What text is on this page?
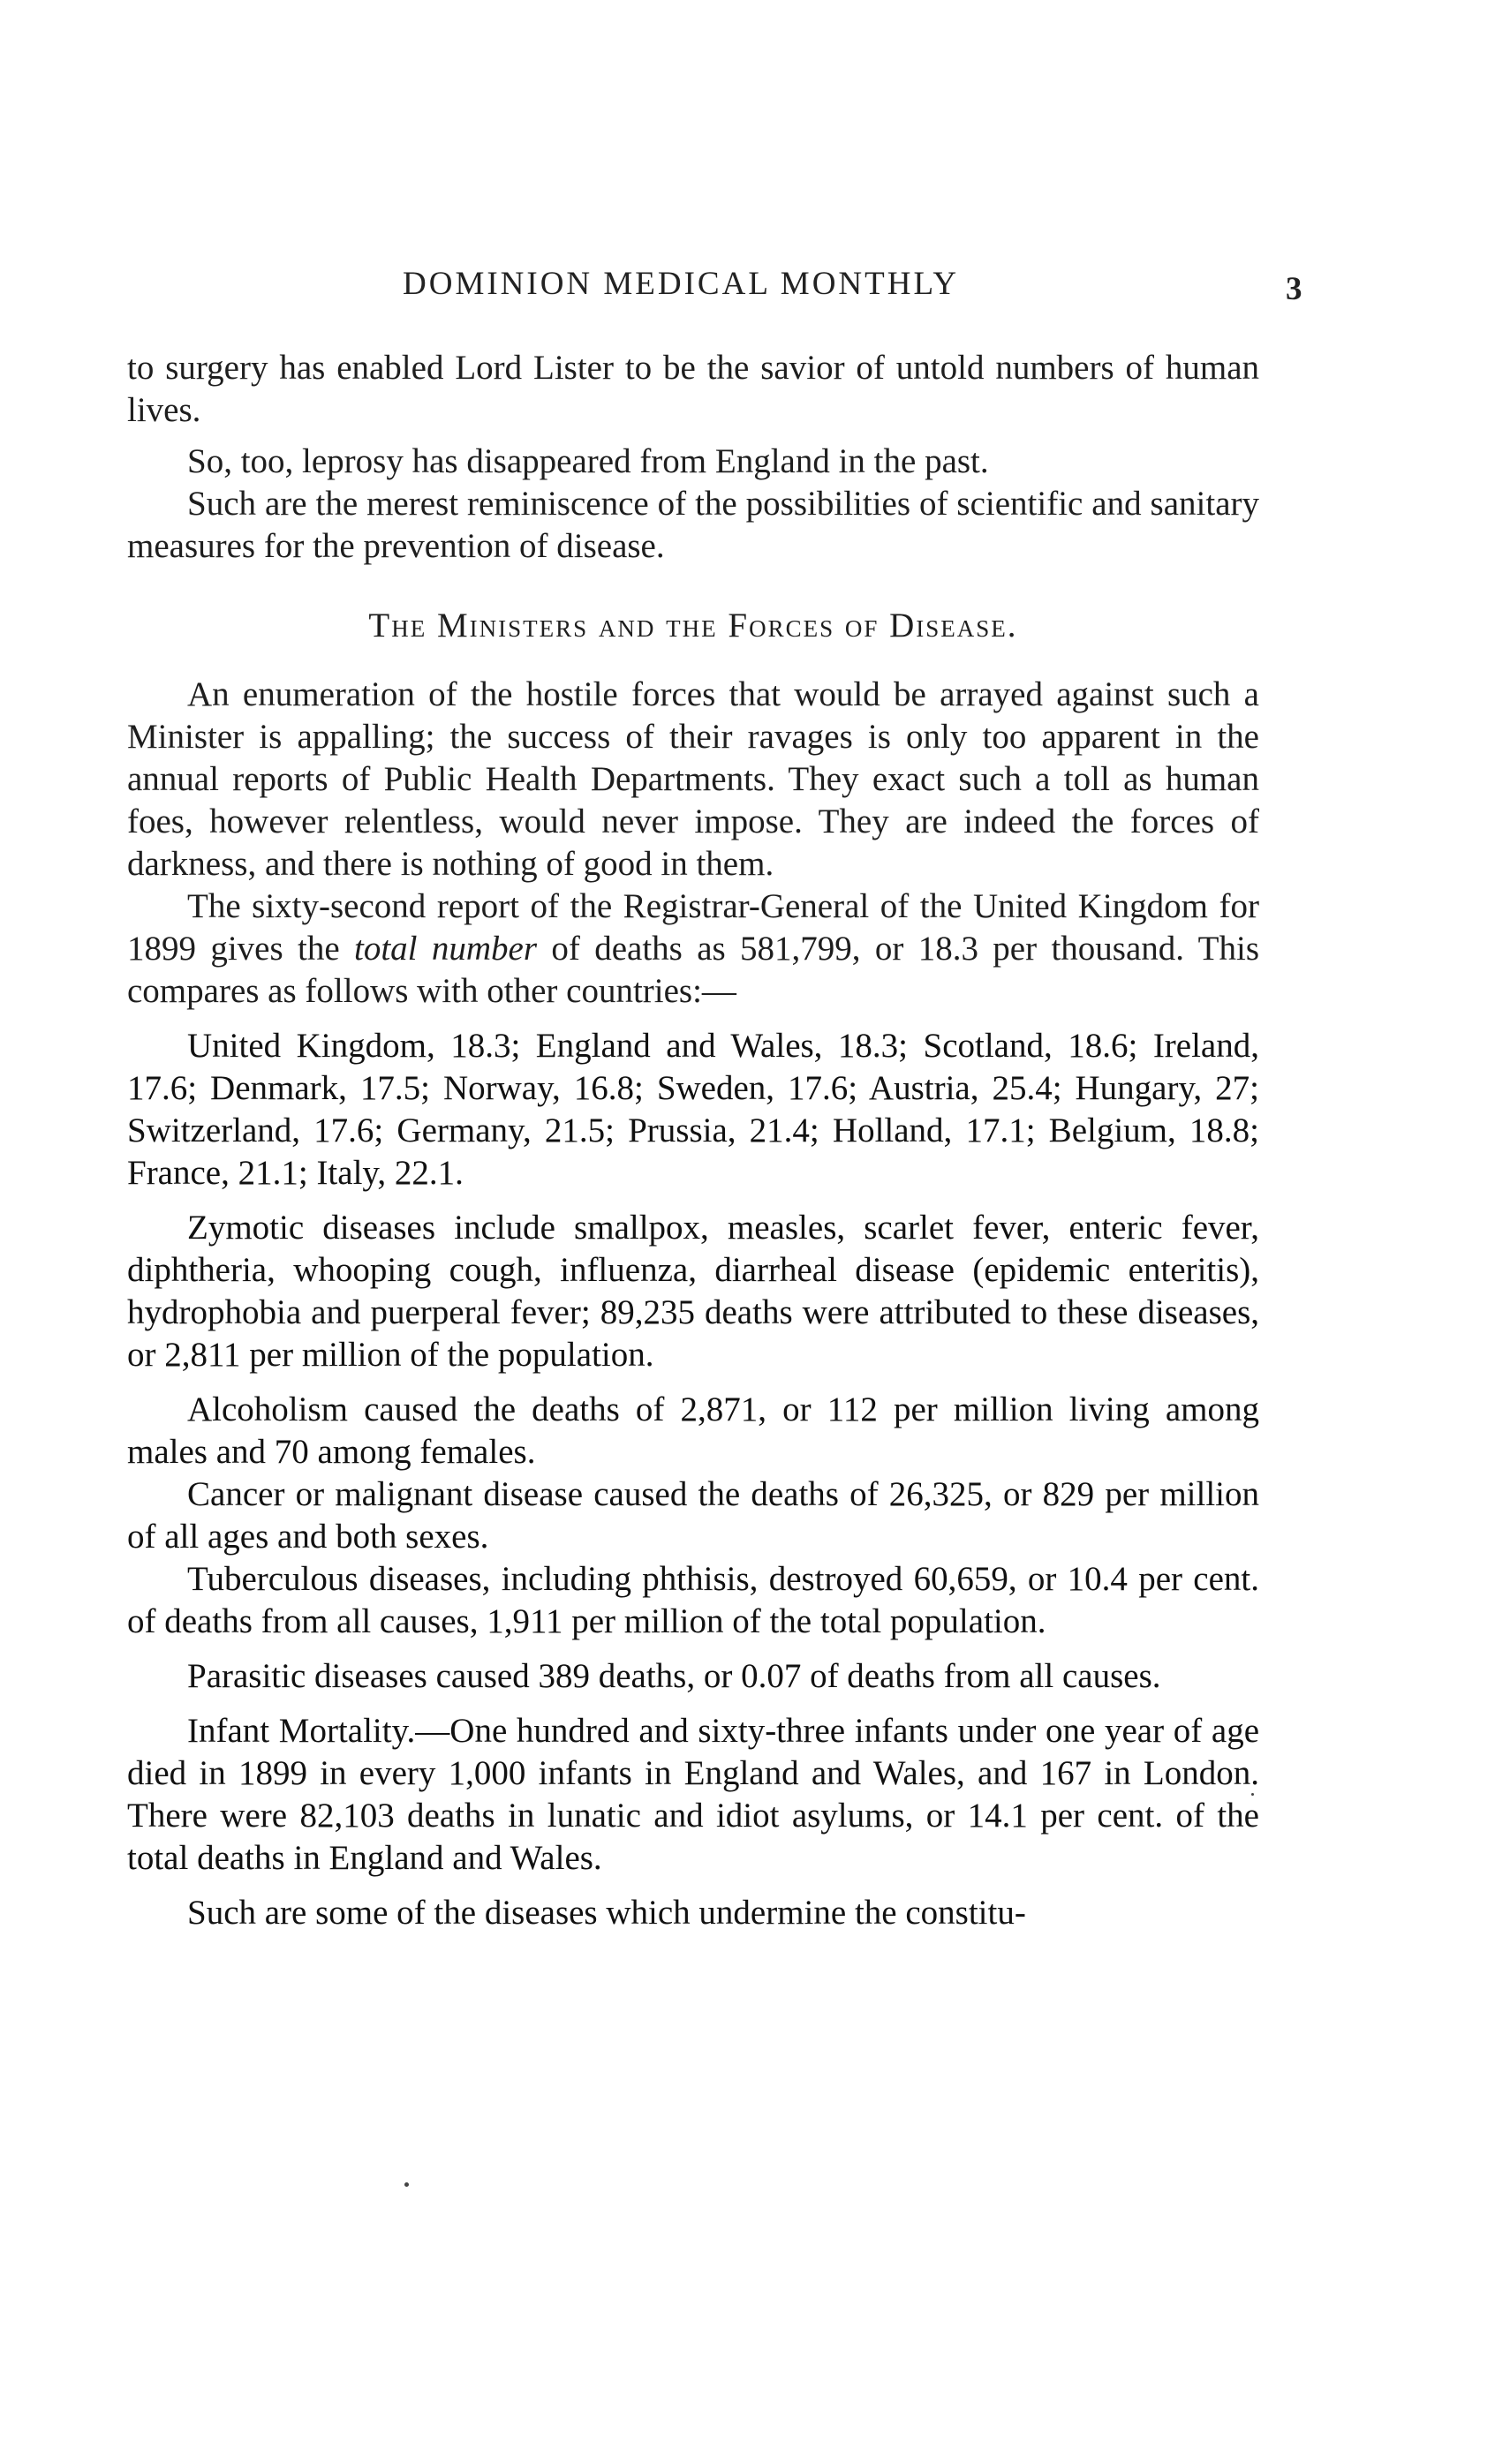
DOMINION MEDICAL MONTHLY	3

to surgery has enabled Lord Lister to be the savior of untold numbers of human lives.

So, too, leprosy has disappeared from England in the past.

Such are the merest reminiscence of the possibilities of scientific and sanitary measures for the prevention of disease.

The Ministers and the Forces of Disease.

An enumeration of the hostile forces that would be arrayed against such a Minister is appalling; the success of their ravages is only too apparent in the annual reports of Public Health Departments. They exact such a toll as human foes, however relentless, would never impose. They are indeed the forces of darkness, and there is nothing of good in them.

The sixty-second report of the Registrar-General of the United Kingdom for 1899 gives the total number of deaths as 581,799, or 18.3 per thousand. This compares as follows with other countries:—

United Kingdom, 18.3; England and Wales, 18.3; Scotland, 18.6; Ireland, 17.6; Denmark, 17.5; Norway, 16.8; Sweden, 17.6; Austria, 25.4; Hungary, 27; Switzerland, 17.6; Germany, 21.5; Prussia, 21.4; Holland, 17.1; Belgium, 18.8; France, 21.1; Italy, 22.1.

Zymotic diseases include smallpox, measles, scarlet fever, enteric fever, diphtheria, whooping cough, influenza, diarrheal disease (epidemic enteritis), hydrophobia and puerperal fever; 89,235 deaths were attributed to these diseases, or 2,811 per million of the population.

Alcoholism caused the deaths of 2,871, or 112 per million living among males and 70 among females.

Cancer or malignant disease caused the deaths of 26,325, or 829 per million of all ages and both sexes.

Tuberculous diseases, including phthisis, destroyed 60,659, or 10.4 per cent. of deaths from all causes, 1,911 per million of the total population.

Parasitic diseases caused 389 deaths, or 0.07 of deaths from all causes.

Infant Mortality.—One hundred and sixty-three infants under one year of age died in 1899 in every 1,000 infants in England and Wales, and 167 in London. There were 82,103 deaths in lunatic and idiot asylums, or 14.1 per cent. of the total deaths in England and Wales.

Such are some of the diseases which undermine the constitu-
